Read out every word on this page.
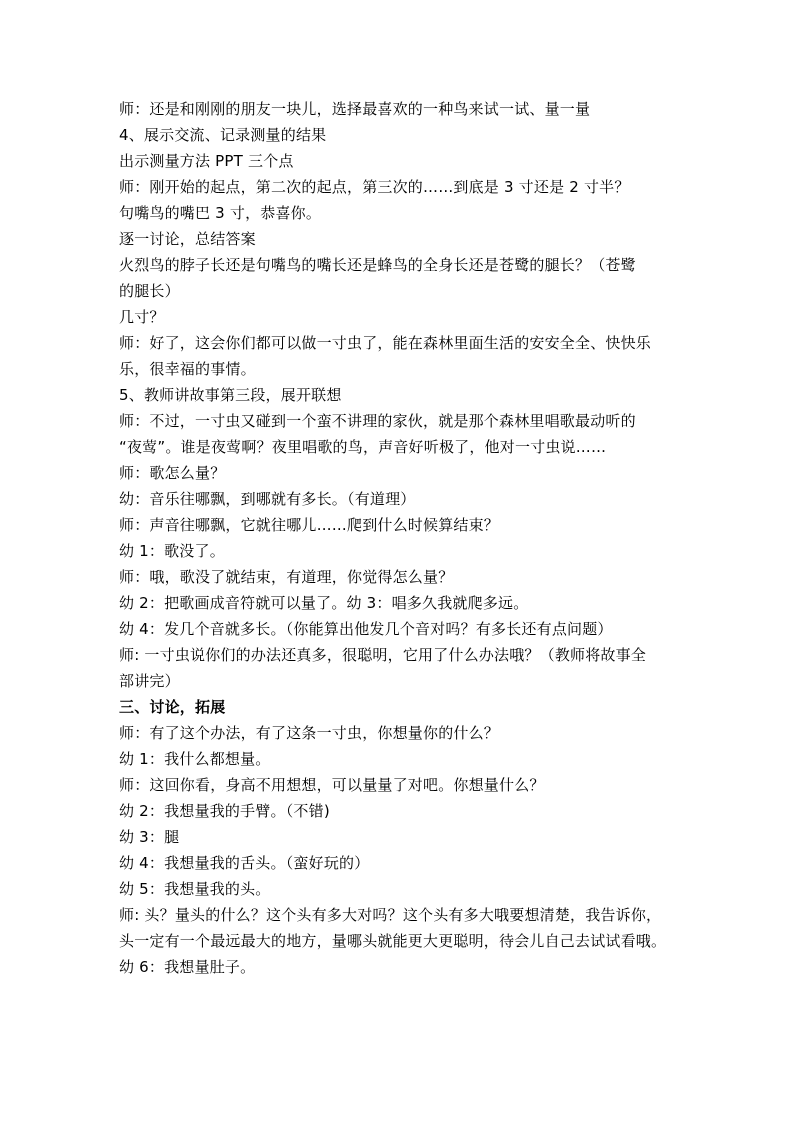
师：还是和刚刚的朋友一块儿，选择最喜欢的一种鸟来试一试、量一量
4、展示交流、记录测量的结果
出示测量方法 PPT 三个点
师：刚开始的起点，第二次的起点，第三次的……到底是 3 寸还是 2 寸半？
句嘴鸟的嘴巴 3 寸，恭喜你。
逐一讨论，总结答案
火烈鸟的脖子长还是句嘴鸟的嘴长还是蜂鸟的全身长还是苍鹭的腿长？（苍鹭
的腿长）
几寸？
师：好了，这会你们都可以做一寸虫了，能在森林里面生活的安安全全、快快乐
乐，很幸福的事情。
5、教师讲故事第三段，展开联想
师：不过，一寸虫又碰到一个蛮不讲理的家伙，就是那个森林里唱歌最动听的
“夜莺”。谁是夜莺啊？夜里唱歌的鸟，声音好听极了，他对一寸虫说……
师：歌怎么量？
幼：音乐往哪飘，到哪就有多长。（有道理）
师：声音往哪飘，它就往哪儿……爬到什么时候算结束？
幼 1：歌没了。
师：哦，歌没了就结束，有道理，你觉得怎么量？
幼 2：把歌画成音符就可以量了。幼 3：唱多久我就爬多远。
幼 4：发几个音就多长。（你能算出他发几个音对吗？有多长还有点问题）
师: 一寸虫说你们的办法还真多，很聪明，它用了什么办法哦？（教师将故事全
部讲完）
三、讨论，拓展
师：有了这个办法，有了这条一寸虫，你想量你的什么？
幼 1：我什么都想量。
师：这回你看，身高不用想想，可以量量了对吧。你想量什么？
幼 2：我想量我的手臂。（不错)
幼 3：腿
幼 4：我想量我的舌头。（蛮好玩的）
幼 5：我想量我的头。
师: 头？量头的什么？这个头有多大对吗？这个头有多大哦要想清楚，我告诉你，
头一定有一个最远最大的地方，量哪头就能更大更聪明，待会儿自己去试试看哦。
幼 6：我想量肚子。
